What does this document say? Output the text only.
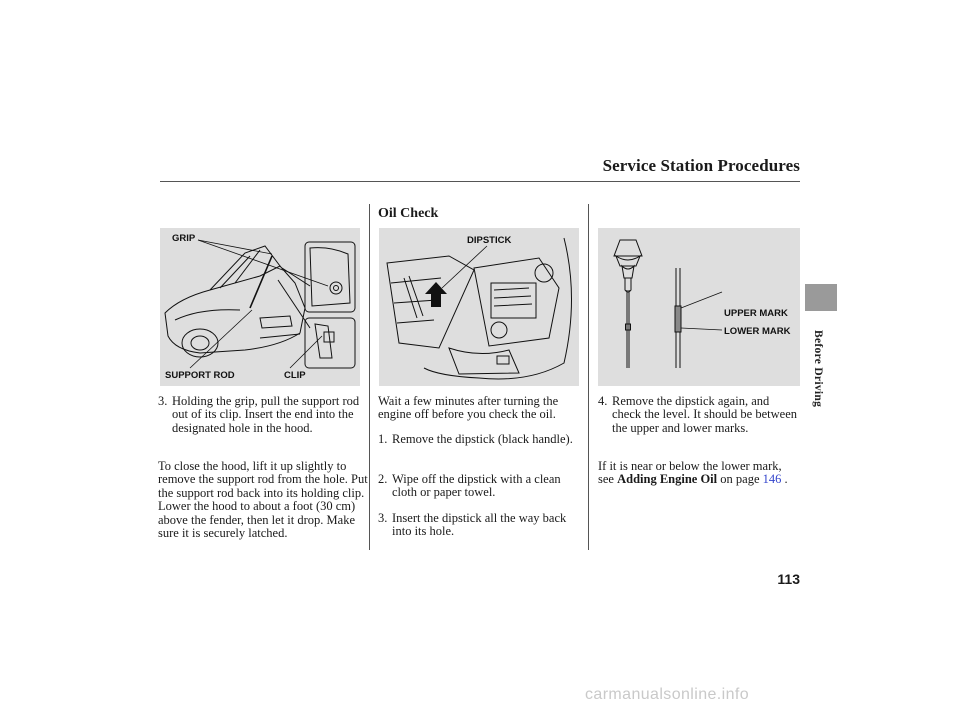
Service Station Procedures
Oil Check
GRIP
SUPPORT ROD	CLIP
DIPSTICK
UPPER MARK
LOWER MARK
3. Holding the grip, pull the support rod out of its clip. Insert the end into the designated hole in the hood.
To close the hood, lift it up slightly to remove the support rod from the hole. Put the support rod back into its holding clip. Lower the hood to about a foot (30 cm) above the fender, then let it drop. Make sure it is securely latched.
Wait a few minutes after turning the engine off before you check the oil.
1. Remove the dipstick (black handle).
2. Wipe off the dipstick with a clean cloth or paper towel.
3. Insert the dipstick all the way back into its hole.
4. Remove the dipstick again, and check the level. It should be between the upper and lower marks.
If it is near or below the lower mark, see Adding Engine Oil on page 146 .
Before Driving
113
carmanualsonline.info
